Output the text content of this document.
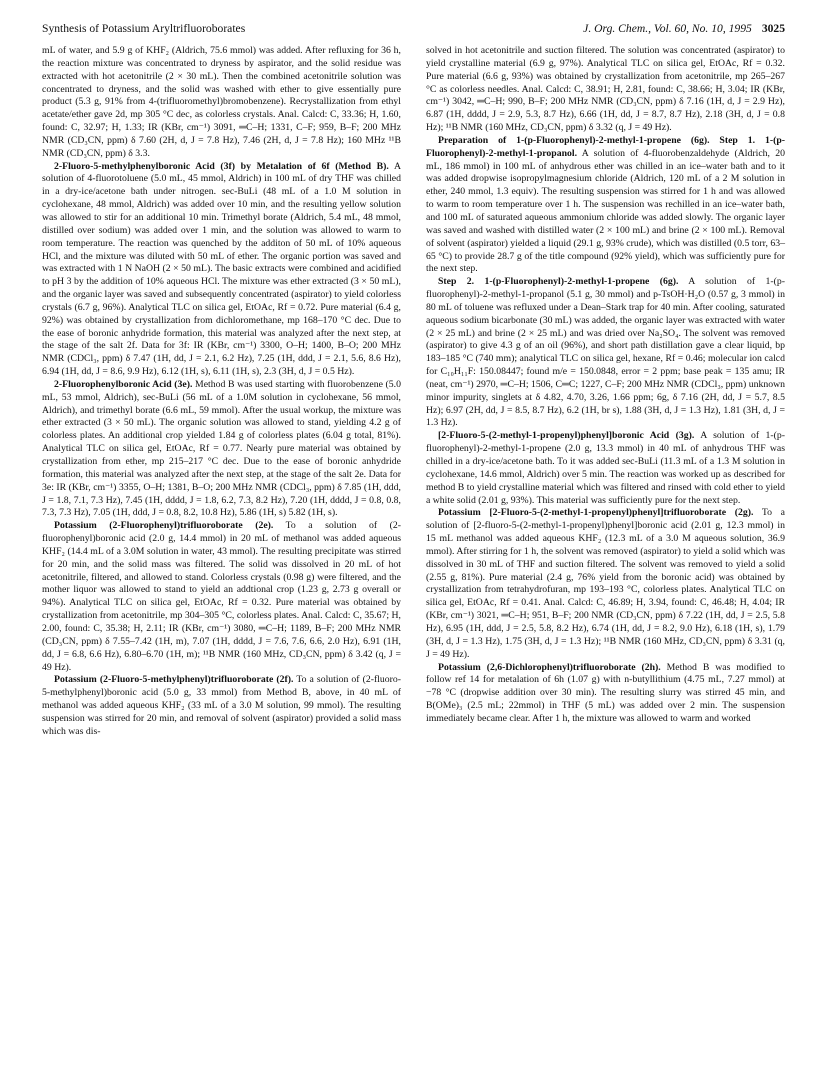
Synthesis of Potassium Aryltrifluoroborates	J. Org. Chem., Vol. 60, No. 10, 1995 3025

mL of water, and 5.9 g of KHF₂ (Aldrich, 75.6 mmol) was added. After refluxing for 36 h, the reaction mixture was concentrated to dryness by aspirator, and the solid residue was extracted with hot acetonitrile (2 × 30 mL). Then the combined acetonitrile solution was concentrated to dryness, and the solid was washed with ether to give essentially pure product (5.3 g, 91% from 4-(trifluoromethyl)bromobenzene). Recrystallization from ethyl acetate/ether gave 2d, mp 305 °C dec, as colorless crystals. Anal. Calcd: C, 33.36; H, 1.60, found: C, 32.97; H, 1.33; IR (KBr, cm⁻¹) 3091, ═C–H; 1331, C–F; 959, B–F; 200 MHz NMR (CD₃CN, ppm) δ 7.60 (2H, d, J = 7.8 Hz), 7.46 (2H, d, J = 7.8 Hz); 160 MHz ¹¹B NMR (CD₃CN, ppm) δ 3.3.

2-Fluoro-5-methylphenylboronic Acid (3f) by Metalation of 6f (Method B). A solution of 4-fluorotoluene (5.0 mL, 45 mmol, Aldrich) in 100 mL of dry THF was chilled in a dry-ice/acetone bath under nitrogen. sec-BuLi (48 mL of a 1.0 M solution in cyclohexane, 48 mmol, Aldrich) was added over 10 min, and the resulting yellow solution was allowed to stir for an additional 10 min. Trimethyl borate (Aldrich, 5.4 mL, 48 mmol, distilled over sodium) was added over 1 min, and the solution was allowed to warm to room temperature. The reaction was quenched by the additon of 50 mL of 10% aqueous HCl, and the mixture was diluted with 50 mL of ether. The organic portion was saved and was extracted with 1 N NaOH (2 × 50 mL). The basic extracts were combined and acidified to pH 3 by the addition of 10% aqueous HCl. The mixture was ether extracted (3 × 50 mL), and the organic layer was saved and subsequently concentrated (aspirator) to yield colorless crystals (6.7 g, 96%). Analytical TLC on silica gel, EtOAc, Rf = 0.72. Pure material (6.4 g, 92%) was obtained by crystallization from dichloromethane, mp 168–170 °C dec. Due to the ease of boronic anhydride formation, this material was analyzed after the next step, at the stage of the salt 2f. Data for 3f: IR (KBr, cm⁻¹) 3300, O–H; 1400, B–O; 200 MHz NMR (CDCl₃, ppm) δ 7.47 (1H, dd, J = 2.1, 6.2 Hz), 7.25 (1H, ddd, J = 2.1, 5.6, 8.6 Hz), 6.94 (1H, dd, J = 8.6, 9.9 Hz), 6.12 (1H, s), 6.11 (1H, s), 2.3 (3H, d, J = 0.5 Hz).

2-Fluorophenylboronic Acid (3e). Method B was used starting with fluorobenzene (5.0 mL, 53 mmol, Aldrich), sec-BuLi (56 mL of a 1.0M solution in cyclohexane, 56 mmol, Aldrich), and trimethyl borate (6.6 mL, 59 mmol). After the usual workup, the mixture was ether extracted (3 × 50 mL). The organic solution was allowed to stand, yielding 4.2 g of colorless plates. An additional crop yielded 1.84 g of colorless plates (6.04 g total, 81%). Analytical TLC on silica gel, EtOAc, Rf = 0.77. Nearly pure material was obtained by crystallization from ether, mp 215–217 °C dec. Due to the ease of boronic anhydride formation, this material was analyzed after the next step, at the stage of the salt 2e. Data for 3e: IR (KBr, cm⁻¹) 3355, O–H; 1381, B–O; 200 MHz NMR (CDCl₃, ppm) δ 7.85 (1H, ddd, J = 1.8, 7.1, 7.3 Hz), 7.45 (1H, dddd, J = 1.8, 6.2, 7.3, 8.2 Hz), 7.20 (1H, dddd, J = 0.8, 0.8, 7.3, 7.3 Hz), 7.05 (1H, ddd, J = 0.8, 8.2, 10.8 Hz), 5.86 (1H, s) 5.82 (1H, s).

Potassium (2-Fluorophenyl)trifluoroborate (2e). To a solution of (2-fluorophenyl)boronic acid (2.0 g, 14.4 mmol) in 20 mL of methanol was added aqueous KHF₂ (14.4 mL of a 3.0M solution in water, 43 mmol). The resulting precipitate was stirred for 20 min, and the solid mass was filtered. The solid was dissolved in 20 mL of hot acetonitrile, filtered, and allowed to stand. Colorless crystals (0.98 g) were filtered, and the mother liquor was allowed to stand to yield an addtional crop (1.23 g, 2.73 g overall or 94%). Analytical TLC on silica gel, EtOAc, Rf = 0.32. Pure material was obtained by crystallization from acetonitrile, mp 304–305 °C, colorless plates. Anal. Calcd: C, 35.67; H, 2.00, found: C, 35.38; H, 2.11; IR (KBr, cm⁻¹) 3080, ═C–H; 1189, B–F; 200 MHz NMR (CD₃CN, ppm) δ 7.55–7.42 (1H, m), 7.07 (1H, dddd, J = 7.6, 7.6, 6.6, 2.0 Hz), 6.91 (1H, dd, J = 6.8, 6.6 Hz), 6.80–6.70 (1H, m); ¹¹B NMR (160 MHz, CD₃CN, ppm) δ 3.42 (q, J = 49 Hz).

Potassium (2-Fluoro-5-methylphenyl)trifluoroborate (2f). To a solution of (2-fluoro-5-methylphenyl)boronic acid (5.0 g, 33 mmol) from Method B, above, in 40 mL of methanol was added aqueous KHF₂ (33 mL of a 3.0 M solution, 99 mmol). The resulting suspension was stirred for 20 min, and removal of solvent (aspirator) provided a solid mass which was dis-

solved in hot acetonitrile and suction filtered. The solution was concentrated (aspirator) to yield crystalline material (6.9 g, 97%). Analytical TLC on silica gel, EtOAc, Rf = 0.32. Pure material (6.6 g, 93%) was obtained by crystallization from acetonitrile, mp 265–267 °C as colorless needles. Anal. Calcd: C, 38.91; H, 2.81, found: C, 38.66; H, 3.04; IR (KBr, cm⁻¹) 3042, ═C–H; 990, B–F; 200 MHz NMR (CD₃CN, ppm) δ 7.16 (1H, d, J = 2.9 Hz), 6.87 (1H, dddd, J = 2.9, 5.3, 8.7 Hz), 6.66 (1H, dd, J = 8.7, 8.7 Hz), 2.18 (3H, d, J = 0.8 Hz); ¹¹B NMR (160 MHz, CD₃CN, ppm) δ 3.32 (q, J = 49 Hz).

Preparation of 1-(p-Fluorophenyl)-2-methyl-1-propene (6g). Step 1. 1-(p-Fluorophenyl)-2-methyl-1-propanol. A solution of 4-fluorobenzaldehyde (Aldrich, 20 mL, 186 mmol) in 100 mL of anhydrous ether was chilled in an ice–water bath and to it was added dropwise isopropylmagnesium chloride (Aldrich, 120 mL of a 2 M solution in ether, 240 mmol, 1.3 equiv). The resulting suspension was stirred for 1 h and was allowed to warm to room temperature over 1 h. The suspension was rechilled in an ice–water bath, and 100 mL of saturated aqueous ammonium chloride was added slowly. The organic layer was saved and washed with distilled water (2 × 100 mL) and brine (2 × 100 mL). Removal of solvent (aspirator) yielded a liquid (29.1 g, 93% crude), which was distilled (0.5 torr, 63–65 °C) to provide 28.7 g of the title compound (92% yield), which was sufficiently pure for the next step.

Step 2. 1-(p-Fluorophenyl)-2-methyl-1-propene (6g). A solution of 1-(p-fluorophenyl)-2-methyl-1-propanol (5.1 g, 30 mmol) and p-TsOH·H₂O (0.57 g, 3 mmol) in 80 mL of toluene was refluxed under a Dean–Stark trap for 40 min. After cooling, saturated aqueous sodium bicarbonate (30 mL) was added, the organic layer was extracted with water (2 × 25 mL) and brine (2 × 25 mL) and was dried over Na₂SO₄. The solvent was removed (aspirator) to give 4.3 g of an oil (96%), and short path distillation gave a clear liquid, bp 183–185 °C (740 mm); analytical TLC on silica gel, hexane, Rf = 0.46; molecular ion calcd for C₁₀H₁₁F: 150.08447; found m/e = 150.0848, error = 2 ppm; base peak = 135 amu; IR (neat, cm⁻¹) 2970, ═C–H; 1506, C═C; 1227, C–F; 200 MHz NMR (CDCl₃, ppm) unknown minor impurity, singlets at δ 4.82, 4.70, 3.26, 1.66 ppm; 6g, δ 7.16 (2H, dd, J = 5.7, 8.5 Hz); 6.97 (2H, dd, J = 8.5, 8.7 Hz), 6.2 (1H, br s), 1.88 (3H, d, J = 1.3 Hz), 1.81 (3H, d, J = 1.3 Hz).

[2-Fluoro-5-(2-methyl-1-propenyl)phenyl]boronic Acid (3g). A solution of 1-(p-fluorophenyl)-2-methyl-1-propene (2.0 g, 13.3 mmol) in 40 mL of anhydrous THF was chilled in a dry-ice/acetone bath. To it was added sec-BuLi (11.3 mL of a 1.3 M solution in cyclohexane, 14.6 mmol, Aldrich) over 5 min. The reaction was worked up as described for method B to yield crystalline material which was filtered and rinsed with cold ether to yield a white solid (2.01 g, 93%). This material was sufficiently pure for the next step.

Potassium [2-Fluoro-5-(2-methyl-1-propenyl)phenyl]trifluoroborate (2g). To a solution of [2-fluoro-5-(2-methyl-1-propenyl)phenyl]boronic acid (2.01 g, 12.3 mmol) in 15 mL methanol was added aqueous KHF₂ (12.3 mL of a 3.0 M aqueous solution, 36.9 mmol). After stirring for 1 h, the solvent was removed (aspirator) to yield a solid which was dissolved in 30 mL of THF and suction filtered. The solvent was removed to yield a solid (2.55 g, 81%). Pure material (2.4 g, 76% yield from the boronic acid) was obtained by crystallization from tetrahydrofuran, mp 193–193 °C, colorless plates. Analytical TLC on silica gel, EtOAc, Rf = 0.41. Anal. Calcd: C, 46.89; H, 3.94, found: C, 46.48; H, 4.04; IR (KBr, cm⁻¹) 3021, ═C–H; 951, B–F; 200 NMR (CD₃CN, ppm) δ 7.22 (1H, dd, J = 2.5, 5.8 Hz), 6.95 (1H, ddd, J = 2.5, 5.8, 8.2 Hz), 6.74 (1H, dd, J = 8.2, 9.0 Hz), 6.18 (1H, s), 1.79 (3H, d, J = 1.3 Hz), 1.75 (3H, d, J = 1.3 Hz); ¹¹B NMR (160 MHz, CD₃CN, ppm) δ 3.31 (q, J = 49 Hz).

Potassium (2,6-Dichlorophenyl)trifluoroborate (2h). Method B was modified to follow ref 14 for metalation of 6h (1.07 g) with n-butyllithium (4.75 mL, 7.27 mmol) at −78 °C (dropwise addition over 30 min). The resulting slurry was stirred 45 min, and B(OMe)₃ (2.5 mL; 22mmol) in THF (5 mL) was added over 2 min. The suspension immediately became clear. After 1 h, the mixture was allowed to warm and worked
